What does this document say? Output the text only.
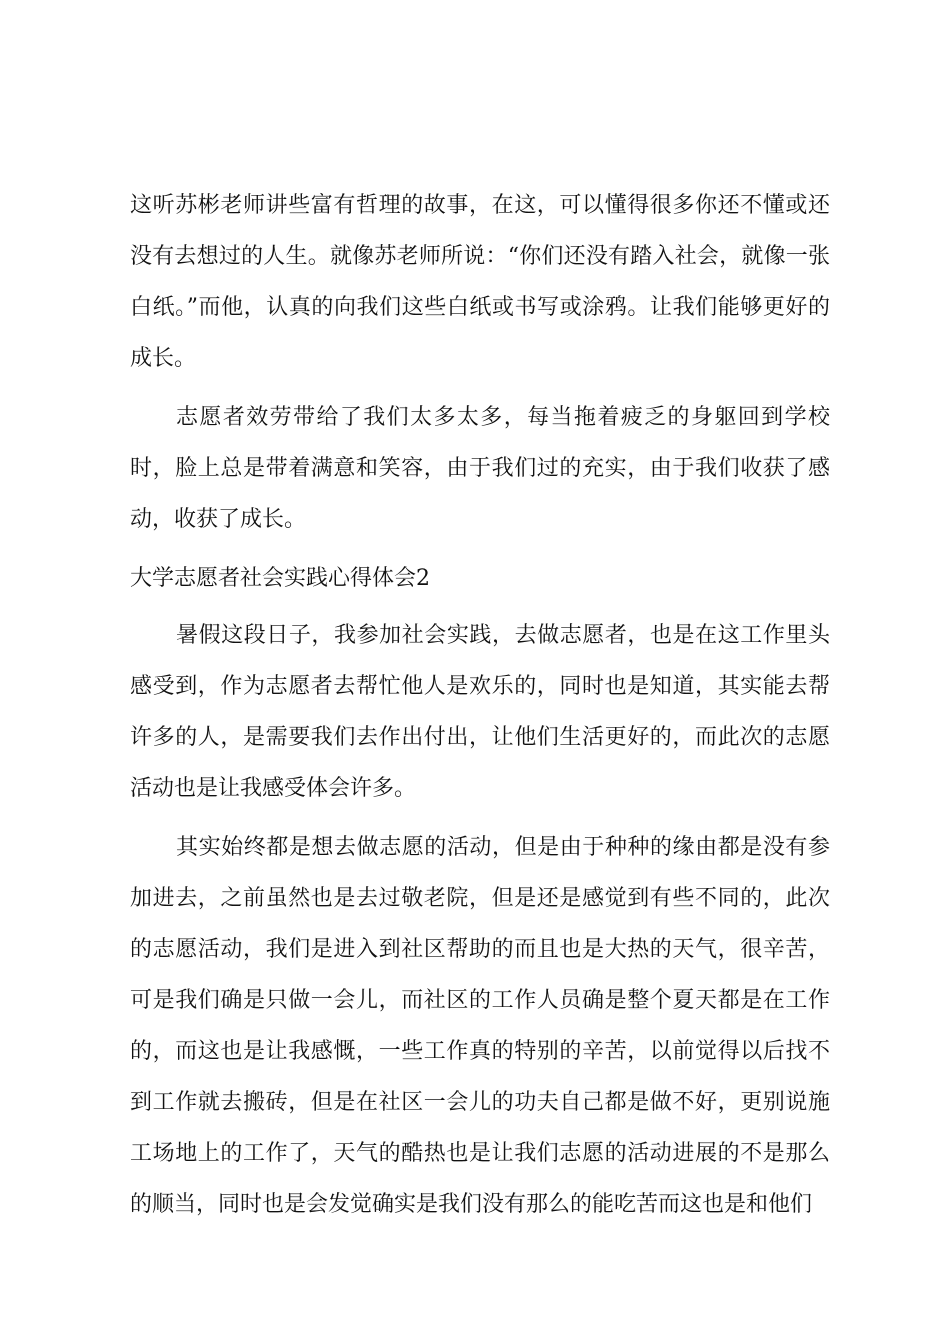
这听苏彬老师讲些富有哲理的故事，在这，可以懂得很多你还不懂或还没有去想过的人生。就像苏老师所说：“你们还没有踏入社会，就像一张白纸。”而他，认真的向我们这些白纸或书写或涂鸦。让我们能够更好的成长。

志愿者效劳带给了我们太多太多，每当拖着疲乏的身躯回到学校时，脸上总是带着满意和笑容，由于我们过的充实，由于我们收获了感动，收获了成长。

大学志愿者社会实践心得体会2

暑假这段日子，我参加社会实践，去做志愿者，也是在这工作里头感受到，作为志愿者去帮忙他人是欢乐的，同时也是知道，其实能去帮许多的人，是需要我们去作出付出，让他们生活更好的，而此次的志愿活动也是让我感受体会许多。

其实始终都是想去做志愿的活动，但是由于种种的缘由都是没有参加进去，之前虽然也是去过敬老院，但是还是感觉到有些不同的，此次的志愿活动，我们是进入到社区帮助的而且也是大热的天气，很辛苦，可是我们确是只做一会儿，而社区的工作人员确是整个夏天都是在工作的，而这也是让我感慨，一些工作真的特别的辛苦，以前觉得以后找不到工作就去搬砖，但是在社区一会儿的功夫自己都是做不好，更别说施工场地上的工作了，天气的酷热也是让我们志愿的活动进展的不是那么的顺当，同时也是会发觉确实是我们没有那么的能吃苦而这也是和他们
